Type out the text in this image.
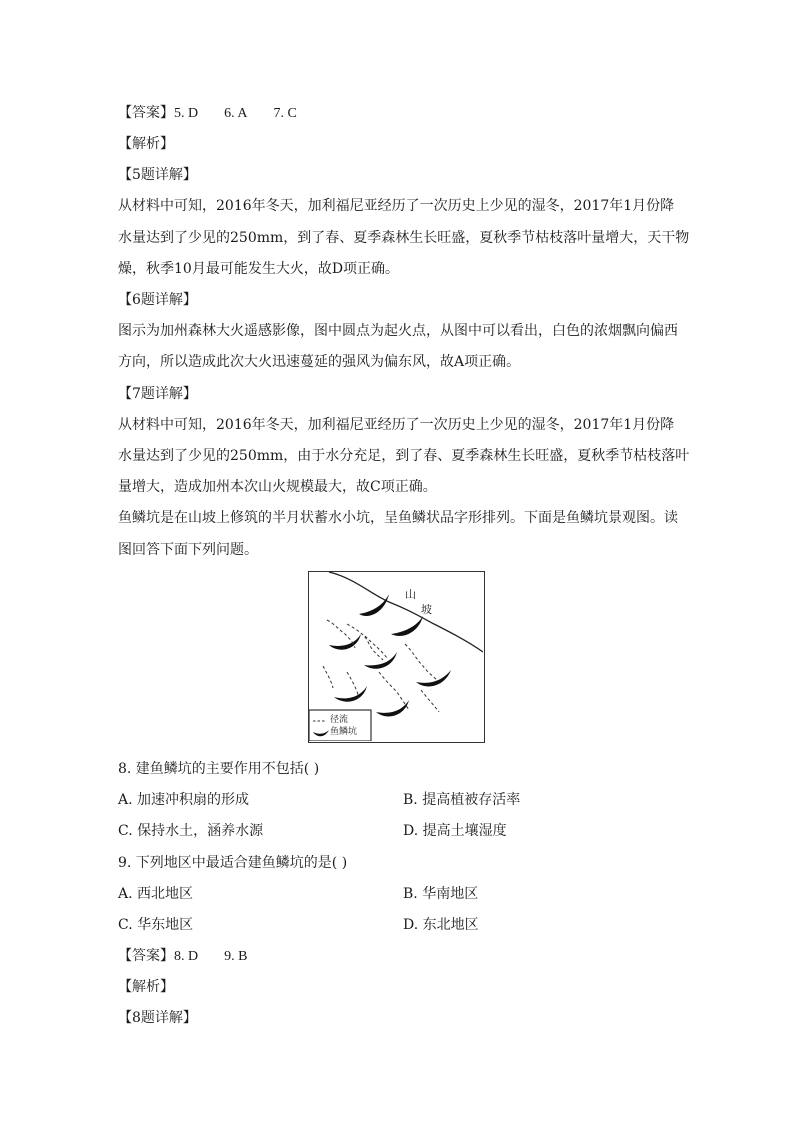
【答案】5. D 6. A 7. C
【解析】
【5题详解】
从材料中可知，2016年冬天，加利福尼亚经历了一次历史上少见的湿冬，2017年1月份降
水量达到了少见的250mm，到了春、夏季森林生长旺盛，夏秋季节枯枝落叶量增大，天干物
燥，秋季10月最可能发生大火，故D项正确。
【6题详解】
图示为加州森林大火遥感影像，图中圆点为起火点，从图中可以看出，白色的浓烟飘向偏西
方向，所以造成此次大火迅速蔓延的强风为偏东风，故A项正确。
【7题详解】
从材料中可知，2016年冬天，加利福尼亚经历了一次历史上少见的湿冬，2017年1月份降
水量达到了少见的250mm，由于水分充足，到了春、夏季森林生长旺盛，夏秋季节枯枝落叶
量增大，造成加州本次山火规模最大，故C项正确。
鱼鳞坑是在山坡上修筑的半月状蓄水小坑，呈鱼鳞状品字形排列。下面是鱼鳞坑景观图。读
图回答下面下列问题。
山
坡
径流
鱼鳞坑
8. 建鱼鳞坑的主要作用不包括( )
A. 加速冲积扇的形成	B. 提高植被存活率
C. 保持水土，涵养水源	D. 提高土壤湿度
9. 下列地区中最适合建鱼鳞坑的是( )
A. 西北地区	B. 华南地区
C. 华东地区	D. 东北地区
【答案】8. D 9. B
【解析】
【8题详解】
